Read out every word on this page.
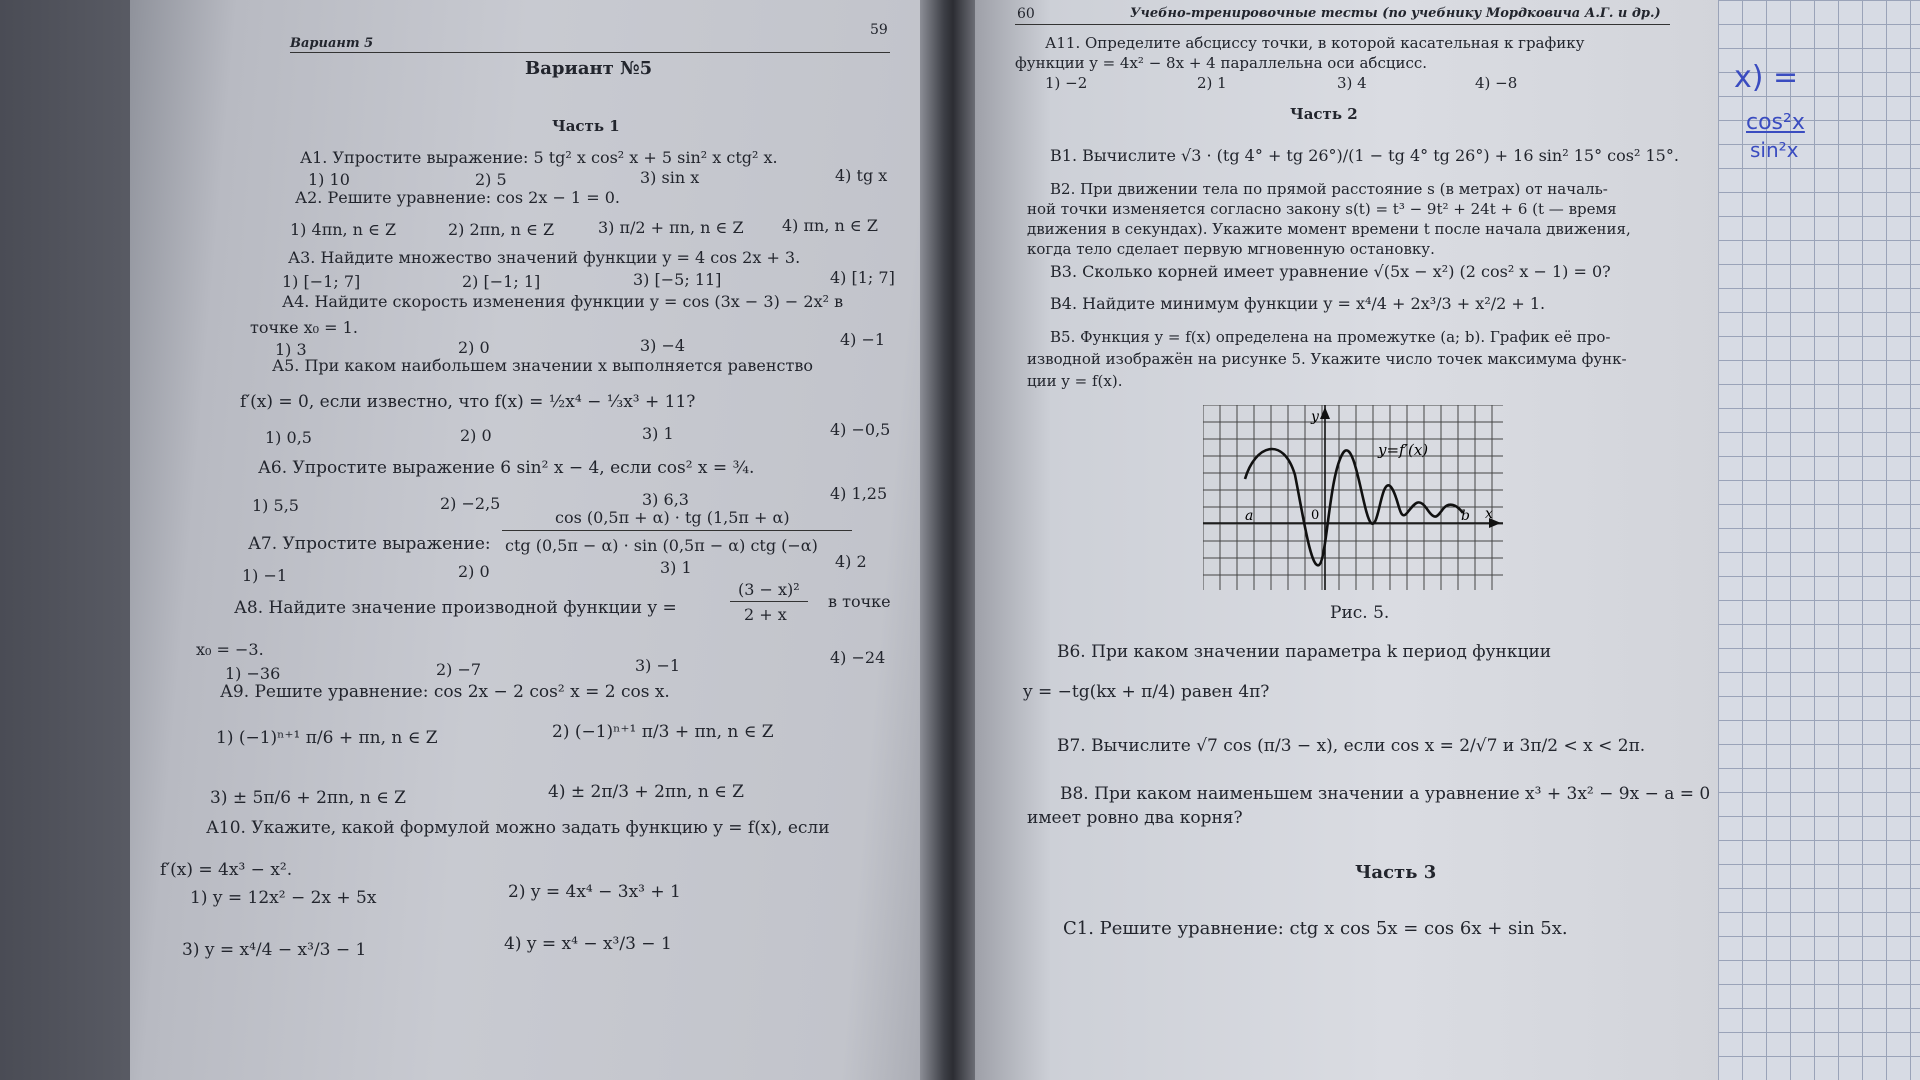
Вариант 5
59
Вариант №5
Часть 1
А1. Упростите выражение: 5 tg² x cos² x + 5 sin² x ctg² x.
1) 10	2) 5	3) sin x	4) tg x
А2. Решите уравнение: cos 2x − 1 = 0.
1) 4πn, n ∈ Z	2) 2πn, n ∈ Z	3) π/2 + πn, n ∈ Z 4) πn, n ∈ Z
А3. Найдите множество значений функции y = 4 cos 2x + 3.
1) [−1; 7]	2) [−1; 1]	3) [−5; 11]	4) [1; 7]
А4. Найдите скорость изменения функции y = cos (3x − 3) − 2x² в
точке x₀ = 1.
1) 3	2) 0	3) −4	4) −1
А5. При каком наибольшем значении x выполняется равенство
f′(x) = 0, если известно, что f(x) = ½x⁴ − ⅓x³ + 11?
1) 0,5	2) 0	3) 1	4) −0,5
А6. Упростите выражение 6 sin² x − 4, если cos² x = ¾.
1) 5,5	2) −2,5	3) 6,3	4) 1,25
А7. Упростите выражение:
cos (0,5π + α) · tg (1,5π + α)
ctg (0,5π − α) · sin (0,5π − α) ctg (−α)
1) −1	2) 0	3) 1	4) 2
А8. Найдите значение производной функции y =
(3 − x)²
2 + x
в точке
x₀ = −3.
1) −36	2) −7	3) −1	4) −24
А9. Решите уравнение: cos 2x − 2 cos² x = 2 cos x.
1) (−1)ⁿ⁺¹ π/6 + πn, n ∈ Z	2) (−1)ⁿ⁺¹ π/3 + πn, n ∈ Z
3) ± 5π/6 + 2πn, n ∈ Z	4) ± 2π/3 + 2πn, n ∈ Z
А10. Укажите, какой формулой можно задать функцию y = f(x), если
f′(x) = 4x³ − x².
1) y = 12x² − 2x + 5x	2) y = 4x⁴ − 3x³ + 1
3) y = x⁴/4 − x³/3 − 1	4) y = x⁴ − x³/3 − 1
60	Учебно-тренировочные тесты (по учебнику Мордковича А.Г. и др.)
А11. Определите абсциссу точки, в которой касательная к графику
функции y = 4x² − 8x + 4 параллельна оси абсцисс.
1) −2	2) 1	3) 4	4) −8
Часть 2
В1. Вычислите √3 · (tg 4° + tg 26°)/(1 − tg 4° tg 26°) + 16 sin² 15° cos² 15°.
В2. При движении тела по прямой расстояние s (в метрах) от началь-
ной точки изменяется согласно закону s(t) = t³ − 9t² + 24t + 6 (t — время
движения в секундах). Укажите момент времени t после начала движения,
когда тело сделает первую мгновенную остановку.
В3. Сколько корней имеет уравнение √(5x − x²) (2 cos² x − 1) = 0?
В4. Найдите минимум функции y = x⁴/4 + 2x³/3 + x²/2 + 1.
В5. Функция y = f(x) определена на промежутке (a; b). График её про-
изводной изображён на рисунке 5. Укажите число точек максимума функ-
ции y = f(x).
y=f′(x)
y
x
a	b
0
Рис. 5.
В6. При каком значении параметра k период функции
y = −tg(kx + π/4) равен 4π?
В7. Вычислите √7 cos (π/3 − x), если cos x = 2/√7 и 3π/2 < x < 2π.
В8. При каком наименьшем значении a уравнение x³ + 3x² − 9x − a = 0
имеет ровно два корня?
Часть 3
С1. Решите уравнение: ctg x cos 5x = cos 6x + sin 5x.
x) =
cos²x
sin²x
